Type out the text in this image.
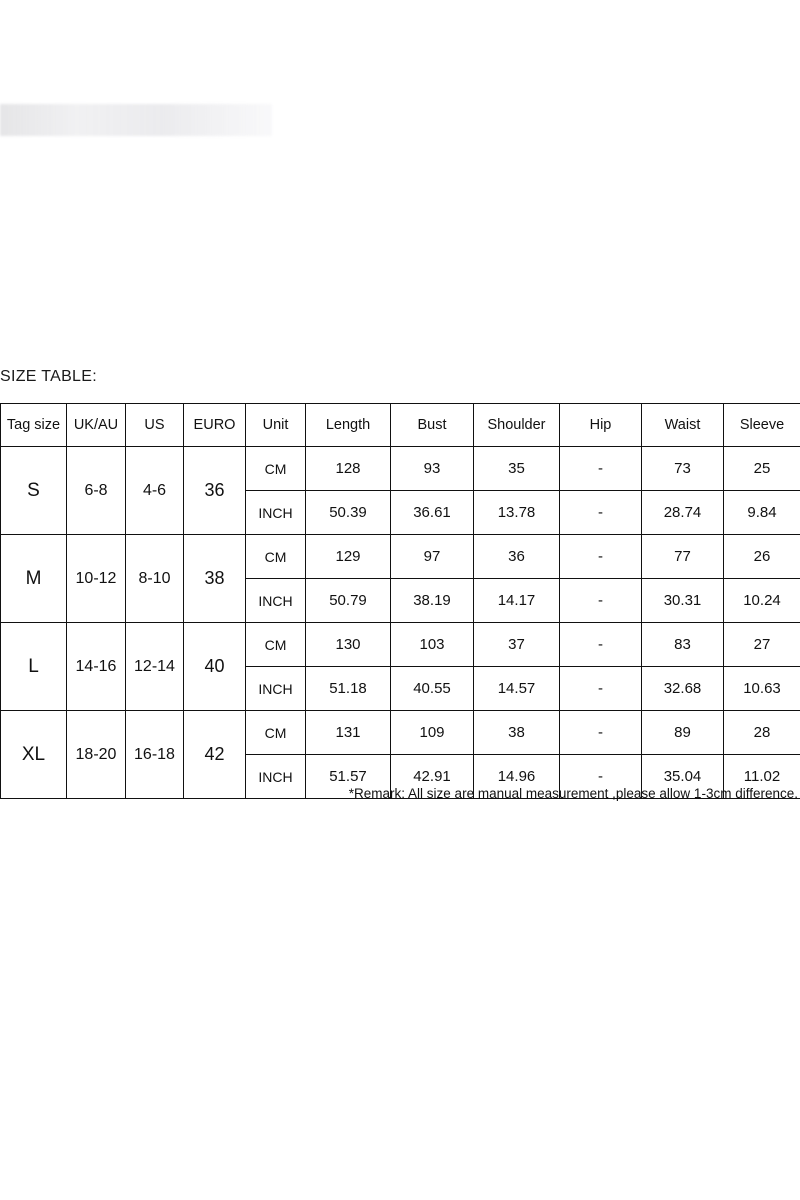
SIZE TABLE:
Tag size	UK/AU	US	EURO	Unit	Length	Bust	Shoulder	Hip	Waist	Sleeve
S	6-8	4-6	36	CM	128	93	35	-	73	25
				INCH	50.39	36.61	13.78	-	28.74	9.84
M	10-12	8-10	38	CM	129	97	36	-	77	26
				INCH	50.79	38.19	14.17	-	30.31	10.24
L	14-16	12-14	40	CM	130	103	37	-	83	27
				INCH	51.18	40.55	14.57	-	32.68	10.63
XL	18-20	16-18	42	CM	131	109	38	-	89	28
				INCH	51.57	42.91	14.96	-	35.04	11.02
*Remark: All size are manual measurement ,please allow 1-3cm difference.
